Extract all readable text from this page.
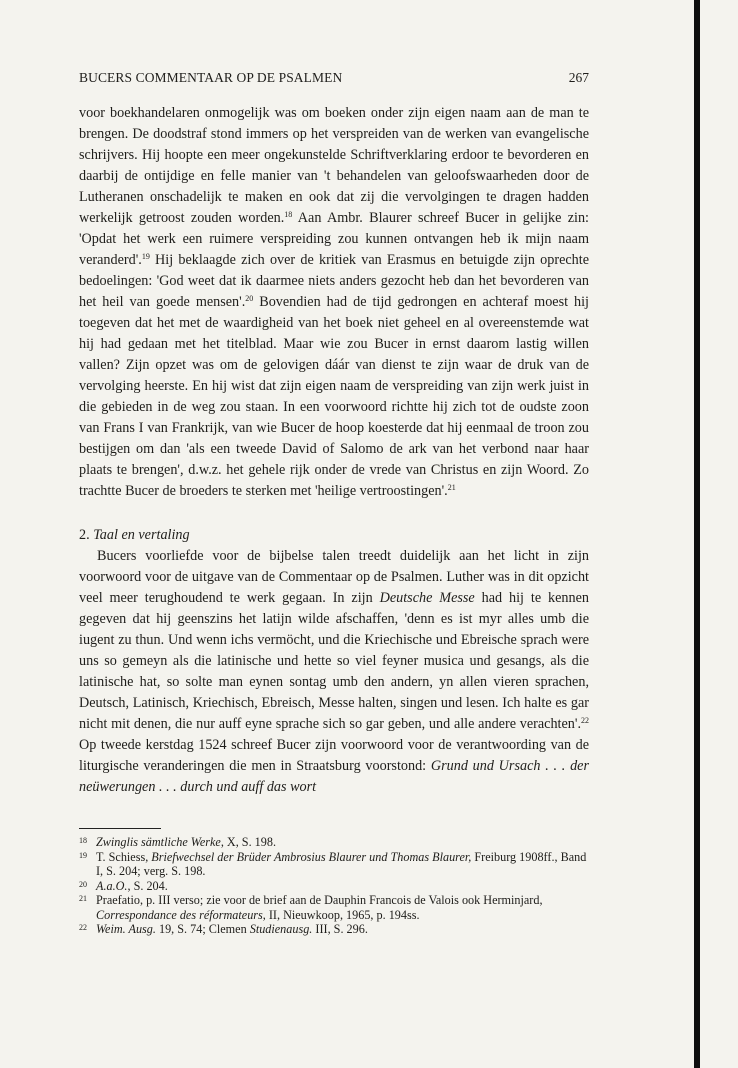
BUCERS COMMENTAAR OP DE PSALMEN	267

voor boekhandelaren onmogelijk was om boeken onder zijn eigen naam aan de man te brengen. De doodstraf stond immers op het verspreiden van de werken van evangelische schrijvers. Hij hoopte een meer ongekunstelde Schriftverklaring erdoor te bevorderen en daarbij de ontijdige en felle manier van 't behandelen van geloofswaarheden door de Lutheranen onschadelijk te maken en ook dat zij die vervolgingen te dragen hadden werkelijk getroost zouden worden.$^{18}$ Aan Ambr. Blaurer schreef Bucer in gelijke zin: 'Opdat het werk een ruimere verspreiding zou kunnen ontvangen heb ik mijn naam veranderd'.$^{19}$ Hij beklaagde zich over de kritiek van Erasmus en betuigde zijn oprechte bedoelingen: 'God weet dat ik daarmee niets anders gezocht heb dan het bevorderen van het heil van goede mensen'.$^{20}$ Bovendien had de tijd gedrongen en achteraf moest hij toegeven dat het met de waardigheid van het boek niet geheel en al overeenstemde wat hij had gedaan met het titelblad. Maar wie zou Bucer in ernst daarom lastig willen vallen? Zijn opzet was om de gelovigen dáár van dienst te zijn waar de druk van de vervolging heerste. En hij wist dat zijn eigen naam de verspreiding van zijn werk juist in die gebieden in de weg zou staan. In een voorwoord richtte hij zich tot de oudste zoon van Frans I van Frankrijk, van wie Bucer de hoop koesterde dat hij eenmaal de troon zou bestijgen om dan 'als een tweede David of Salomo de ark van het verbond naar haar plaats te brengen', d.w.z. het gehele rijk onder de vrede van Christus en zijn Woord. Zo trachtte Bucer de broeders te sterken met 'heilige vertroostingen'.$^{21}$

2. Taal en vertaling

Bucers voorliefde voor de bijbelse talen treedt duidelijk aan het licht in zijn voorwoord voor de uitgave van de Commentaar op de Psalmen. Luther was in dit opzicht veel meer terughoudend te werk gegaan. In zijn Deutsche Messe had hij te kennen gegeven dat hij geenszins het latijn wilde afschaffen, 'denn es ist myr alles umb die iugent zu thun. Und wenn ichs vermöcht, und die Kriechische und Ebreische sprach were uns so gemeyn als die latinische und hette so viel feyner musica und gesangs, als die latinische hat, so solte man eynen sontag umb den andern, yn allen vieren sprachen, Deutsch, Latinisch, Kriechisch, Ebreisch, Messe halten, singen und lesen. Ich halte es gar nicht mit denen, die nur auff eyne sprache sich so gar geben, und alle andere verachten'.$^{22}$ Op tweede kerstdag 1524 schreef Bucer zijn voorwoord voor de verantwoording van de liturgische veranderingen die men in Straatsburg voorstond: Grund und Ursach . . . der neüwerungen . . . durch und auff das wort

18 Zwinglis sämtliche Werke, X, S. 198.
19 T. Schiess, Briefwechsel der Brüder Ambrosius Blaurer und Thomas Blaurer, Freiburg 1908ff., Band I, S. 204; verg. S. 198.
20 A.a.O., S. 204.
21 Praefatio, p. III verso; zie voor de brief aan de Dauphin Francois de Valois ook Herminjard, Correspondance des réformateurs, II, Nieuwkoop, 1965, p. 194ss.
22 Weim. Ausg. 19, S. 74; Clemen Studienausg. III, S. 296.
